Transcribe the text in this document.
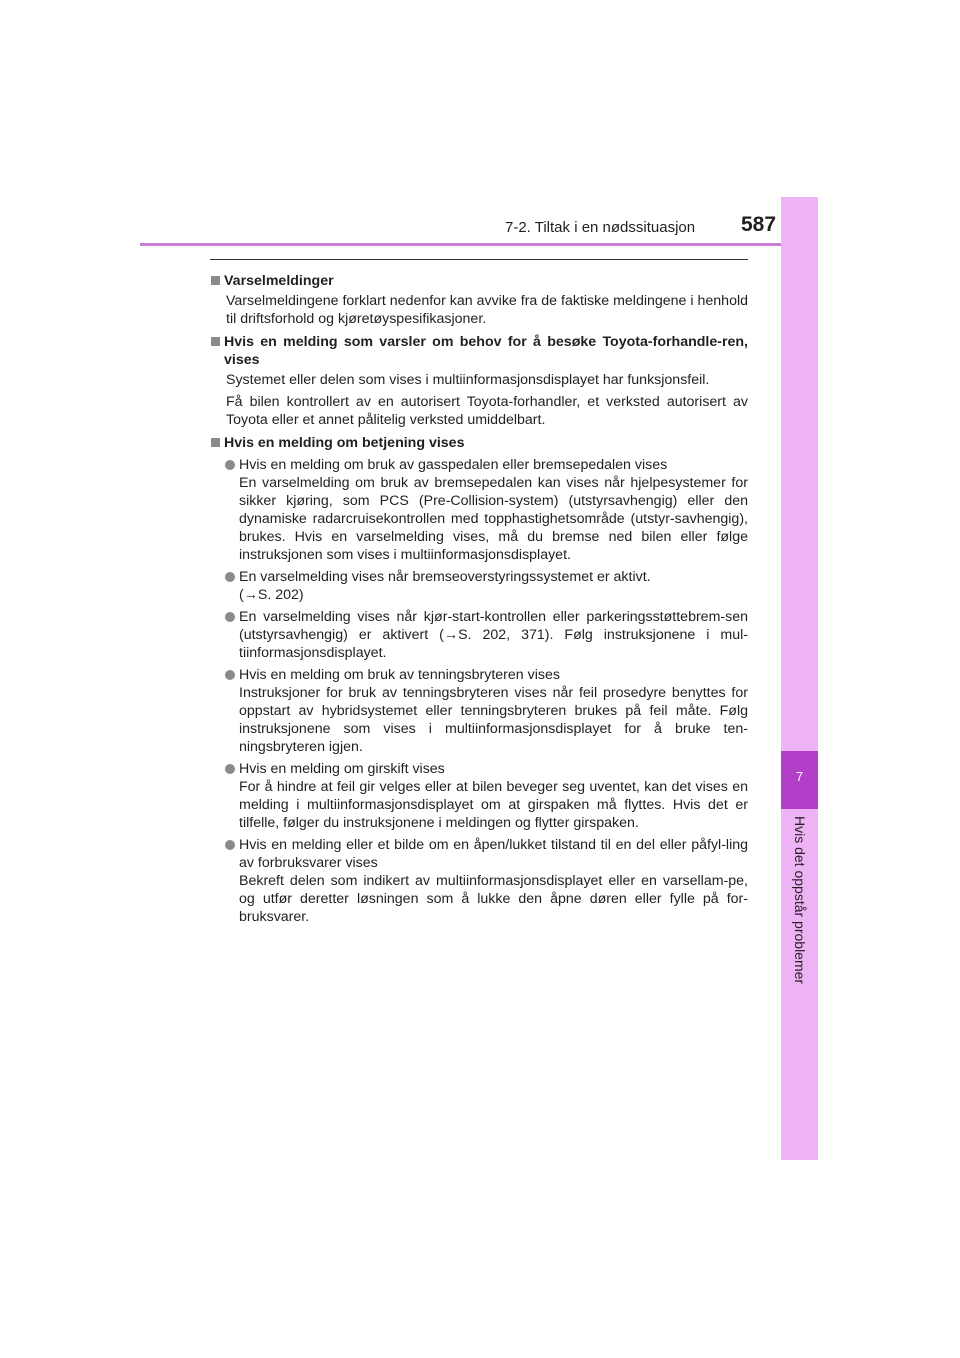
7-2. Tiltak i en nødssituasjon 587
7
Hvis det oppstår problemer
Varselmeldinger
Varselmeldingene forklart nedenfor kan avvike fra de faktiske meldingene i henhold til driftsforhold og kjøretøyspesifikasjoner.
Hvis en melding som varsler om behov for å besøke Toyota-forhandle-ren, vises
Systemet eller delen som vises i multiinformasjonsdisplayet har funksjonsfeil.
Få bilen kontrollert av en autorisert Toyota-forhandler, et verksted autorisert av Toyota eller et annet pålitelig verksted umiddelbart.
Hvis en melding om betjening vises
Hvis en melding om bruk av gasspedalen eller bremsepedalen vises
En varselmelding om bruk av bremsepedalen kan vises når hjelpesystemer for sikker kjøring, som PCS (Pre-Collision-system) (utstyrsavhengig) eller den dynamiske radarcruisekontrollen med topphastighetsområde (utstyr-savhengig), brukes. Hvis en varselmelding vises, må du bremse ned bilen eller følge instruksjonen som vises i multiinformasjonsdisplayet.
En varselmelding vises når bremseoverstyringssystemet er aktivt.
(→S. 202)
En varselmelding vises når kjør-start-kontrollen eller parkeringsstøttebrem-sen (utstyrsavhengig) er aktivert (→S. 202, 371). Følg instruksjonene i mul-tiinformasjonsdisplayet.
Hvis en melding om bruk av tenningsbryteren vises
Instruksjoner for bruk av tenningsbryteren vises når feil prosedyre benyttes for oppstart av hybridsystemet eller tenningsbryteren brukes på feil måte. Følg instruksjonene som vises i multiinformasjonsdisplayet for å bruke ten-ningsbryteren igjen.
Hvis en melding om girskift vises
For å hindre at feil gir velges eller at bilen beveger seg uventet, kan det vises en melding i multiinformasjonsdisplayet om at girspaken må flyttes. Hvis det er tilfelle, følger du instruksjonene i meldingen og flytter girspaken.
Hvis en melding eller et bilde om en åpen/lukket tilstand til en del eller påfyl-ling av forbruksvarer vises
Bekreft delen som indikert av multiinformasjonsdisplayet eller en varsellam-pe, og utfør deretter løsningen som å lukke den åpne døren eller fylle på for-bruksvarer.
